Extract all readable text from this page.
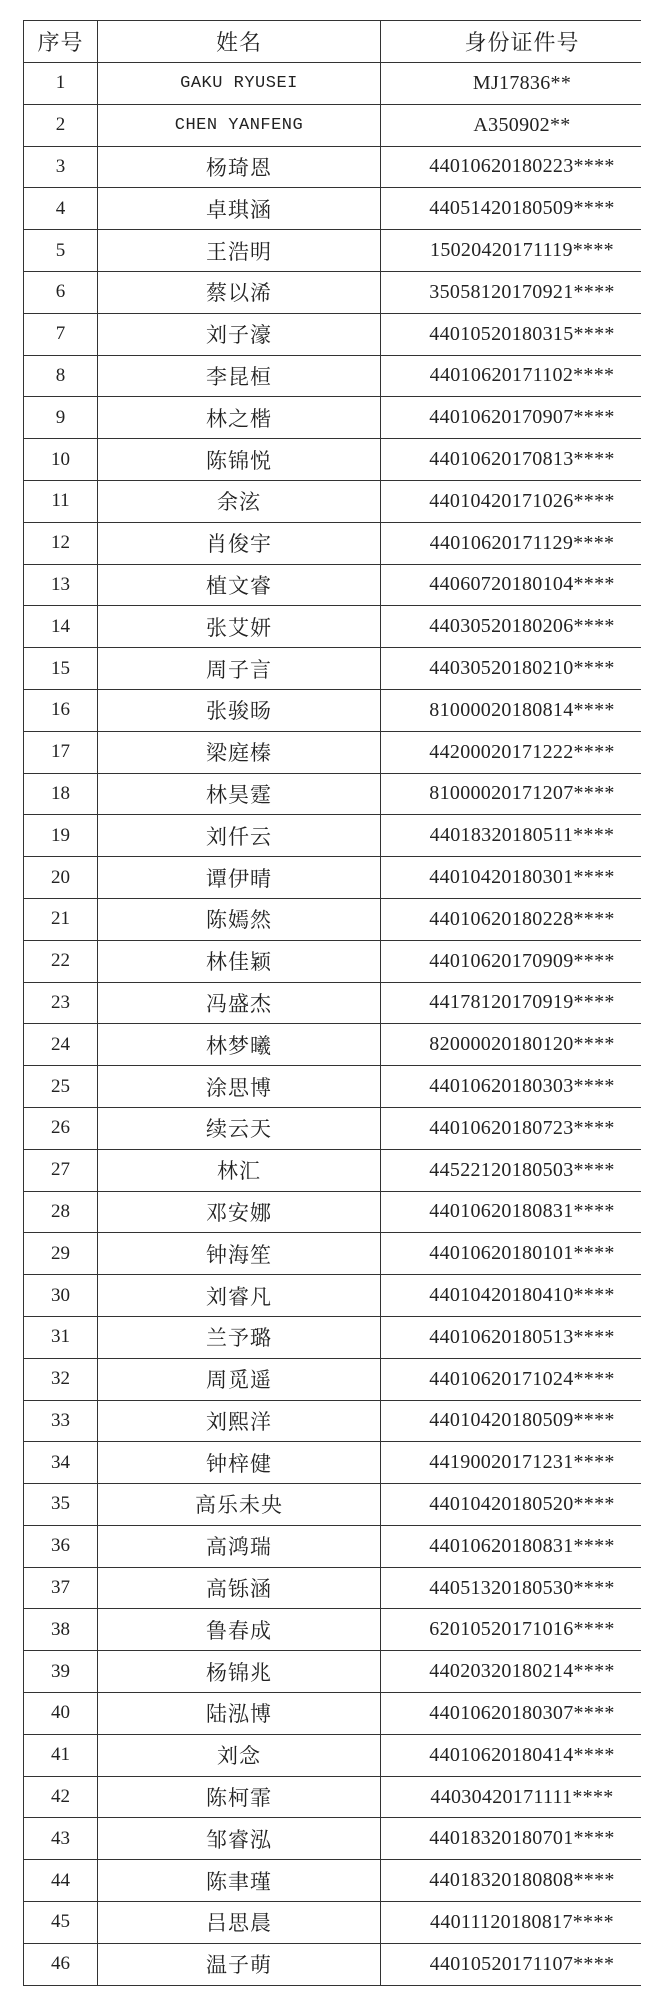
序号	姓名	身份证件号
1	GAKU RYUSEI	MJ17836**
2	CHEN YANFENG	A350902**
3	杨琦恩	44010620180223****
4	卓琪涵	44051420180509****
5	王浩明	15020420171119****
6	蔡以浠	35058120170921****
7	刘子濠	44010520180315****
8	李昆桓	44010620171102****
9	林之楷	44010620170907****
10	陈锦悦	44010620170813****
11	余泫	44010420171026****
12	肖俊宇	44010620171129****
13	植文睿	44060720180104****
14	张艾妍	44030520180206****
15	周子言	44030520180210****
16	张骏旸	81000020180814****
17	梁庭榛	44200020171222****
18	林昊霆	81000020171207****
19	刘仟云	44018320180511****
20	谭伊晴	44010420180301****
21	陈嫣然	44010620180228****
22	林佳颖	44010620170909****
23	冯盛杰	44178120170919****
24	林梦曦	82000020180120****
25	涂思博	44010620180303****
26	续云天	44010620180723****
27	林汇	44522120180503****
28	邓安娜	44010620180831****
29	钟海笙	44010620180101****
30	刘睿凡	44010420180410****
31	兰予璐	44010620180513****
32	周觅遥	44010620171024****
33	刘熙洋	44010420180509****
34	钟梓健	44190020171231****
35	高乐未央	44010420180520****
36	高鸿瑞	44010620180831****
37	高铄涵	44051320180530****
38	鲁春成	62010520171016****
39	杨锦兆	44020320180214****
40	陆泓博	44010620180307****
41	刘念	44010620180414****
42	陈柯霏	44030420171111****
43	邹睿泓	44018320180701****
44	陈聿瑾	44018320180808****
45	吕思晨	44011120180817****
46	温子萌	44010520171107****
